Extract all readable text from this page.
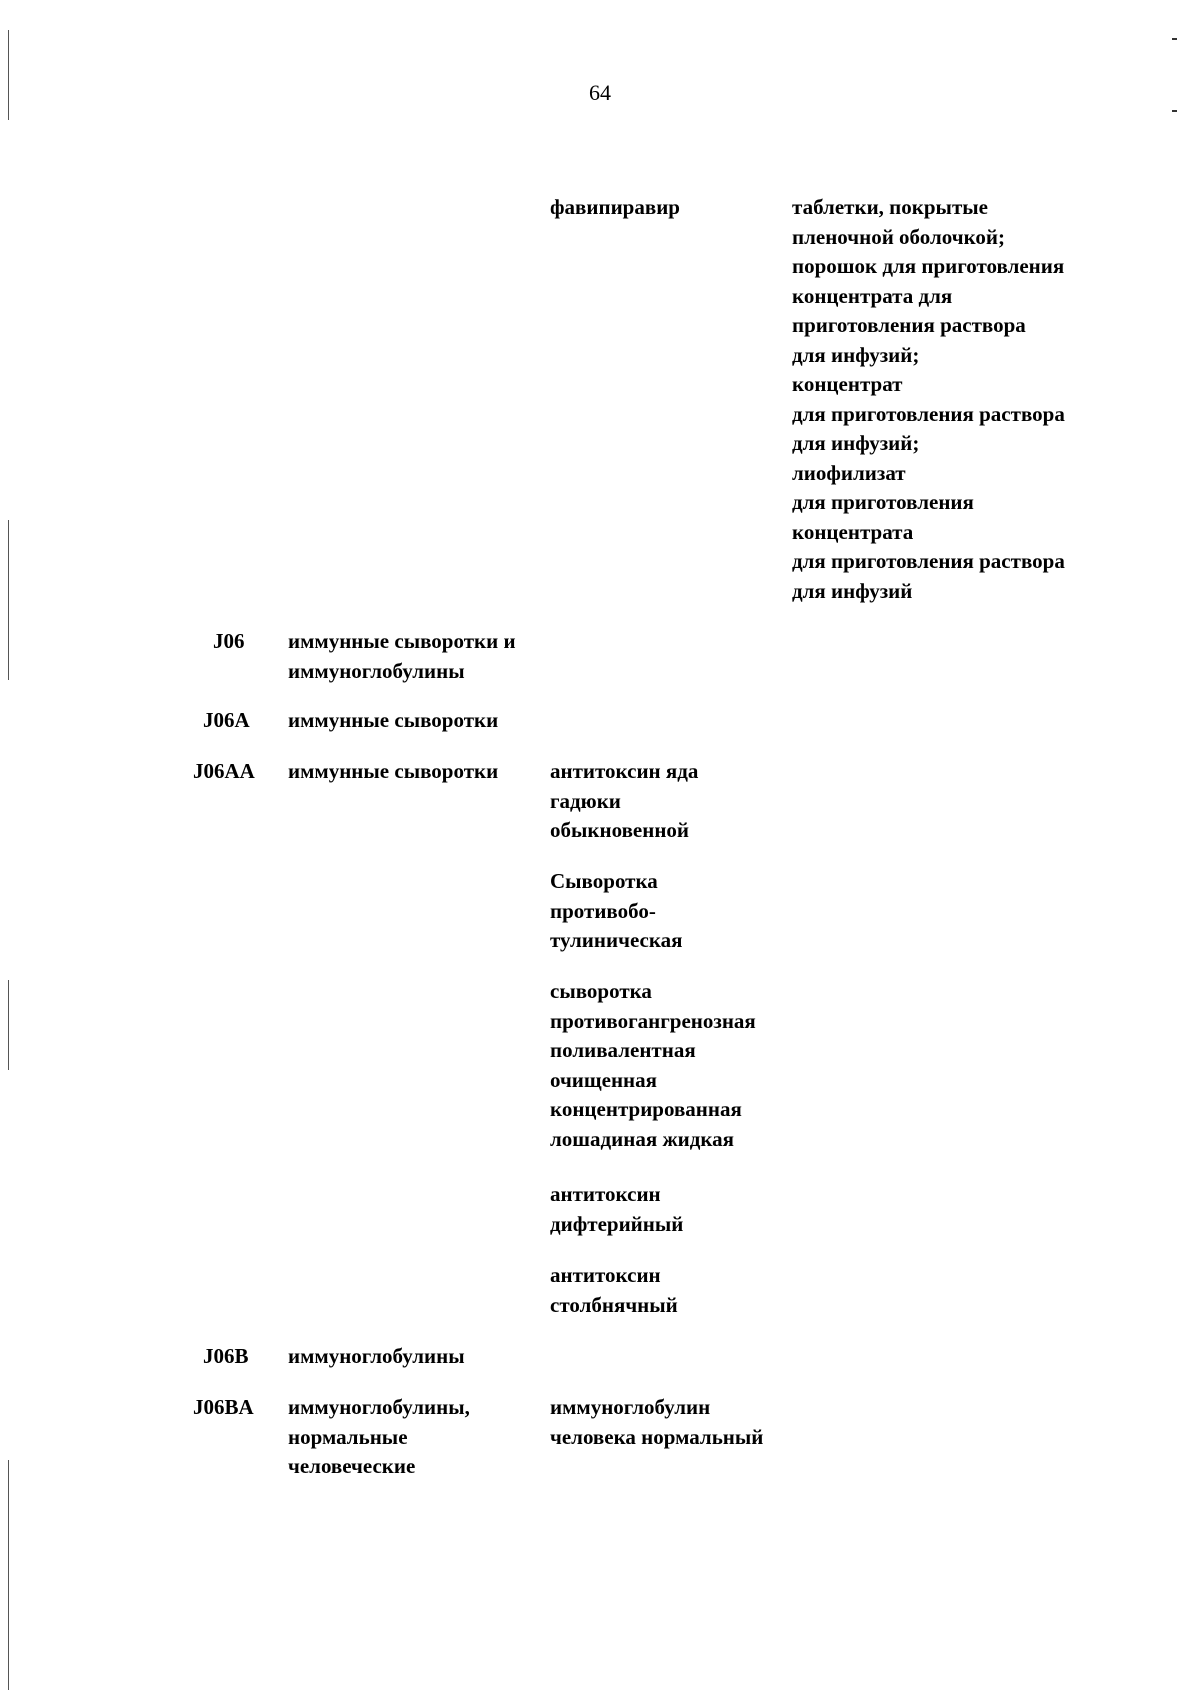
64
фавипиравир	таблетки, покрытые
пленочной оболочкой;
порошок для приготовления
концентрата для
приготовления раствора
для инфузий;
концентрат
для приготовления раствора
для инфузий;
лиофилизат
для приготовления
концентрата
для приготовления раствора
для инфузий
J06 иммунные сыворотки и
иммуноглобулины
J06A иммунные сыворотки
J06AA иммунные сыворотки антитоксин яда
гадюки
обыкновенной
Сыворотка
противобо-
тулиническая
сыворотка
противогангренозная
поливалентная
очищенная
концентрированная
лошадиная жидкая
антитоксин
дифтерийный
антитоксин
столбнячный
J06B иммуноглобулины
J06BA иммуноглобулины,
нормальные
человеческие
иммуноглобулин
человека нормальный
